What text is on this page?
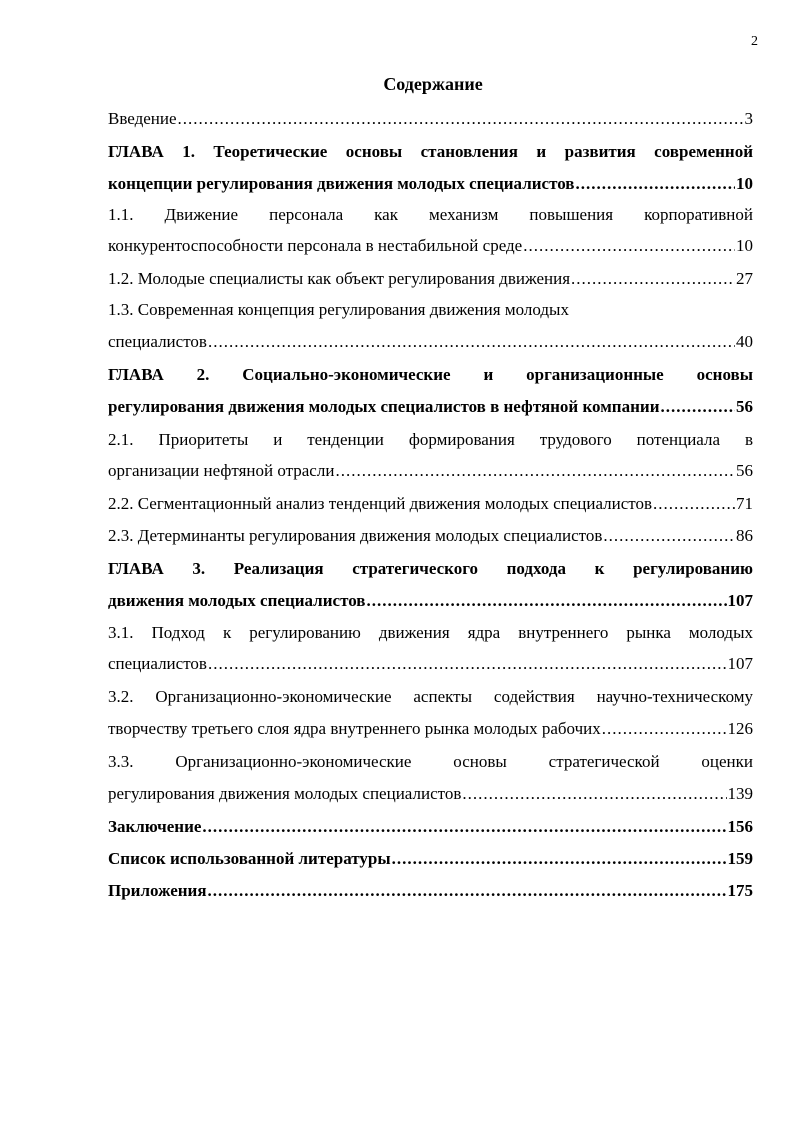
2
Содержание
Введение .....	3
ГЛАВА 1. Теоретические основы становления и развития современной
концепции регулирования движения молодых специалистов .....	10
1.1. Движение персонала как механизм повышения корпоративной
конкурентоспособности персонала в нестабильной среде .....	10
1.2. Молодые специалисты как объект регулирования движения .....	27
1.3. Современная концепция регулирования движения молодых
специалистов .....	40
ГЛАВА 2. Социально-экономические и организационные основы
регулирования движения молодых специалистов в нефтяной компании .....	56
2.1. Приоритеты и тенденции формирования трудового потенциала в
организации нефтяной отрасли .....	56
2.2. Сегментационный анализ тенденций движения молодых специалистов .....	71
2.3. Детерминанты регулирования движения молодых специалистов .....	86
ГЛАВА 3. Реализация стратегического подхода к регулированию
движения молодых специалистов .....	107
3.1. Подход к регулированию движения ядра внутреннего рынка молодых
специалистов .....	107
3.2. Организационно-экономические аспекты содействия научно-техническому
творчеству третьего слоя ядра внутреннего рынка молодых рабочих .....	126
3.3. Организационно-экономические основы стратегической оценки
регулирования движения молодых специалистов .....	139
Заключение .....	156
Список использованной литературы .....	159
Приложения .....	175
